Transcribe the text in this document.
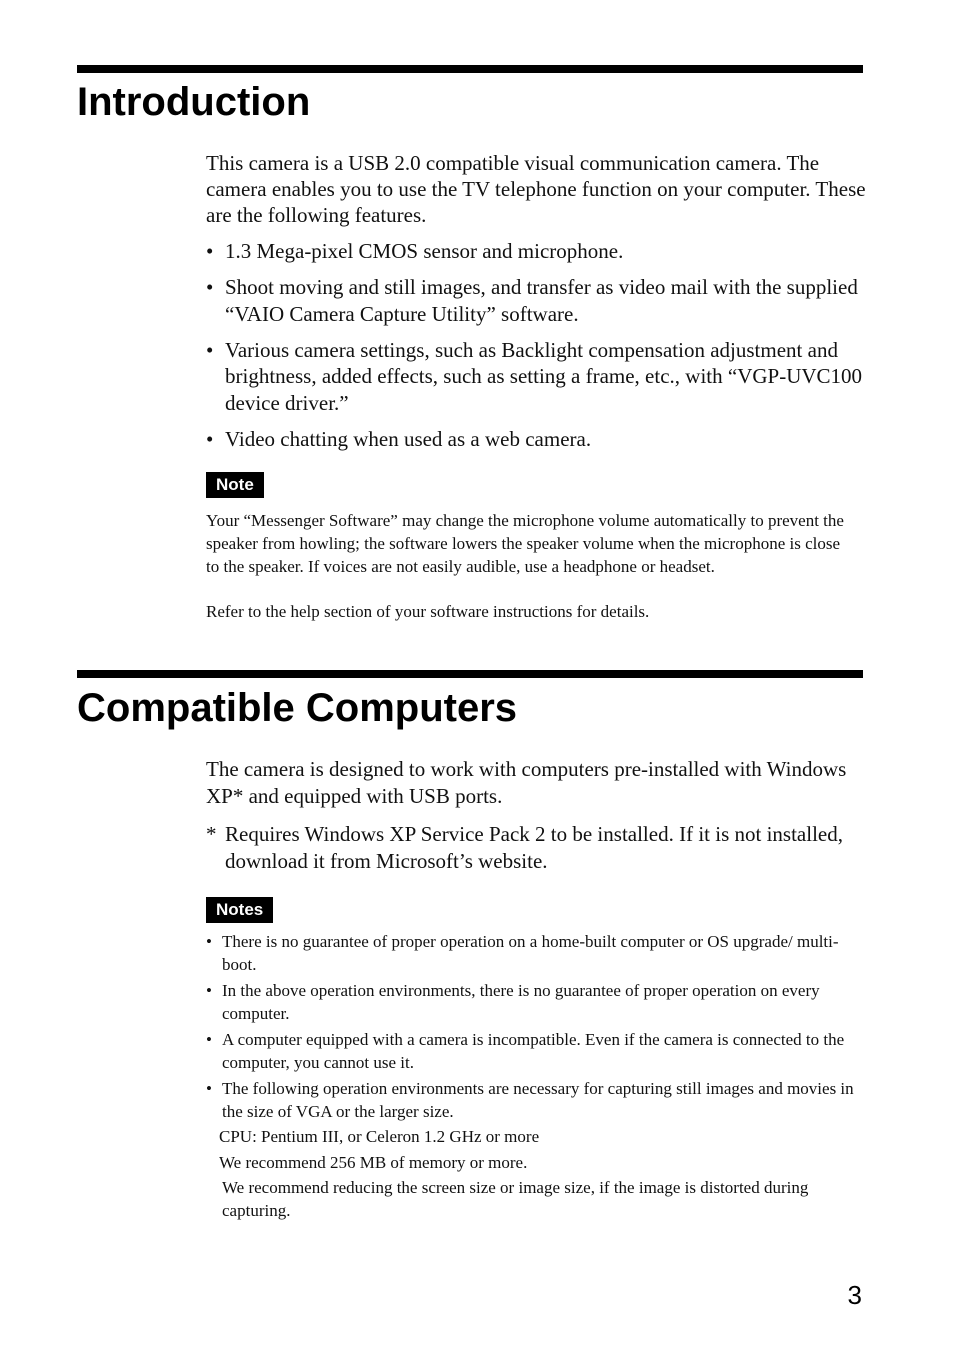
Introduction

This camera is a USB 2.0 compatible visual communication camera. The camera enables you to use the TV telephone function on your computer. These are the following features.

• 1.3 Mega-pixel CMOS sensor and microphone.
• Shoot moving and still images, and transfer as video mail with the supplied “VAIO Camera Capture Utility” software.
• Various camera settings, such as Backlight compensation adjustment and brightness, added effects, such as setting a frame, etc., with “VGP-UVC100 device driver.”
• Video chatting when used as a web camera.
Note

Your “Messenger Software” may change the microphone volume automatically to prevent the speaker from howling; the software lowers the speaker volume when the microphone is close to the speaker. If voices are not easily audible, use a headphone or headset.

Refer to the help section of your software instructions for details.

Compatible Computers

The camera is designed to work with computers pre-installed with Windows XP* and equipped with USB ports.

* Requires Windows XP Service Pack 2 to be installed. If it is not installed, download it from Microsoft’s website.
Notes
• There is no guarantee of proper operation on a home-built computer or OS upgrade/ multi-boot.
• In the above operation environments, there is no guarantee of proper operation on every computer.
• A computer equipped with a camera is incompatible. Even if the camera is connected to the computer, you cannot use it.
• The following operation environments are necessary for capturing still images and movies in the size of VGA or the larger size.

CPU: Pentium III, or Celeron 1.2 GHz or more

We recommend 256 MB of memory or more.

We recommend reducing the screen size or image size, if the image is distorted during capturing.

3
